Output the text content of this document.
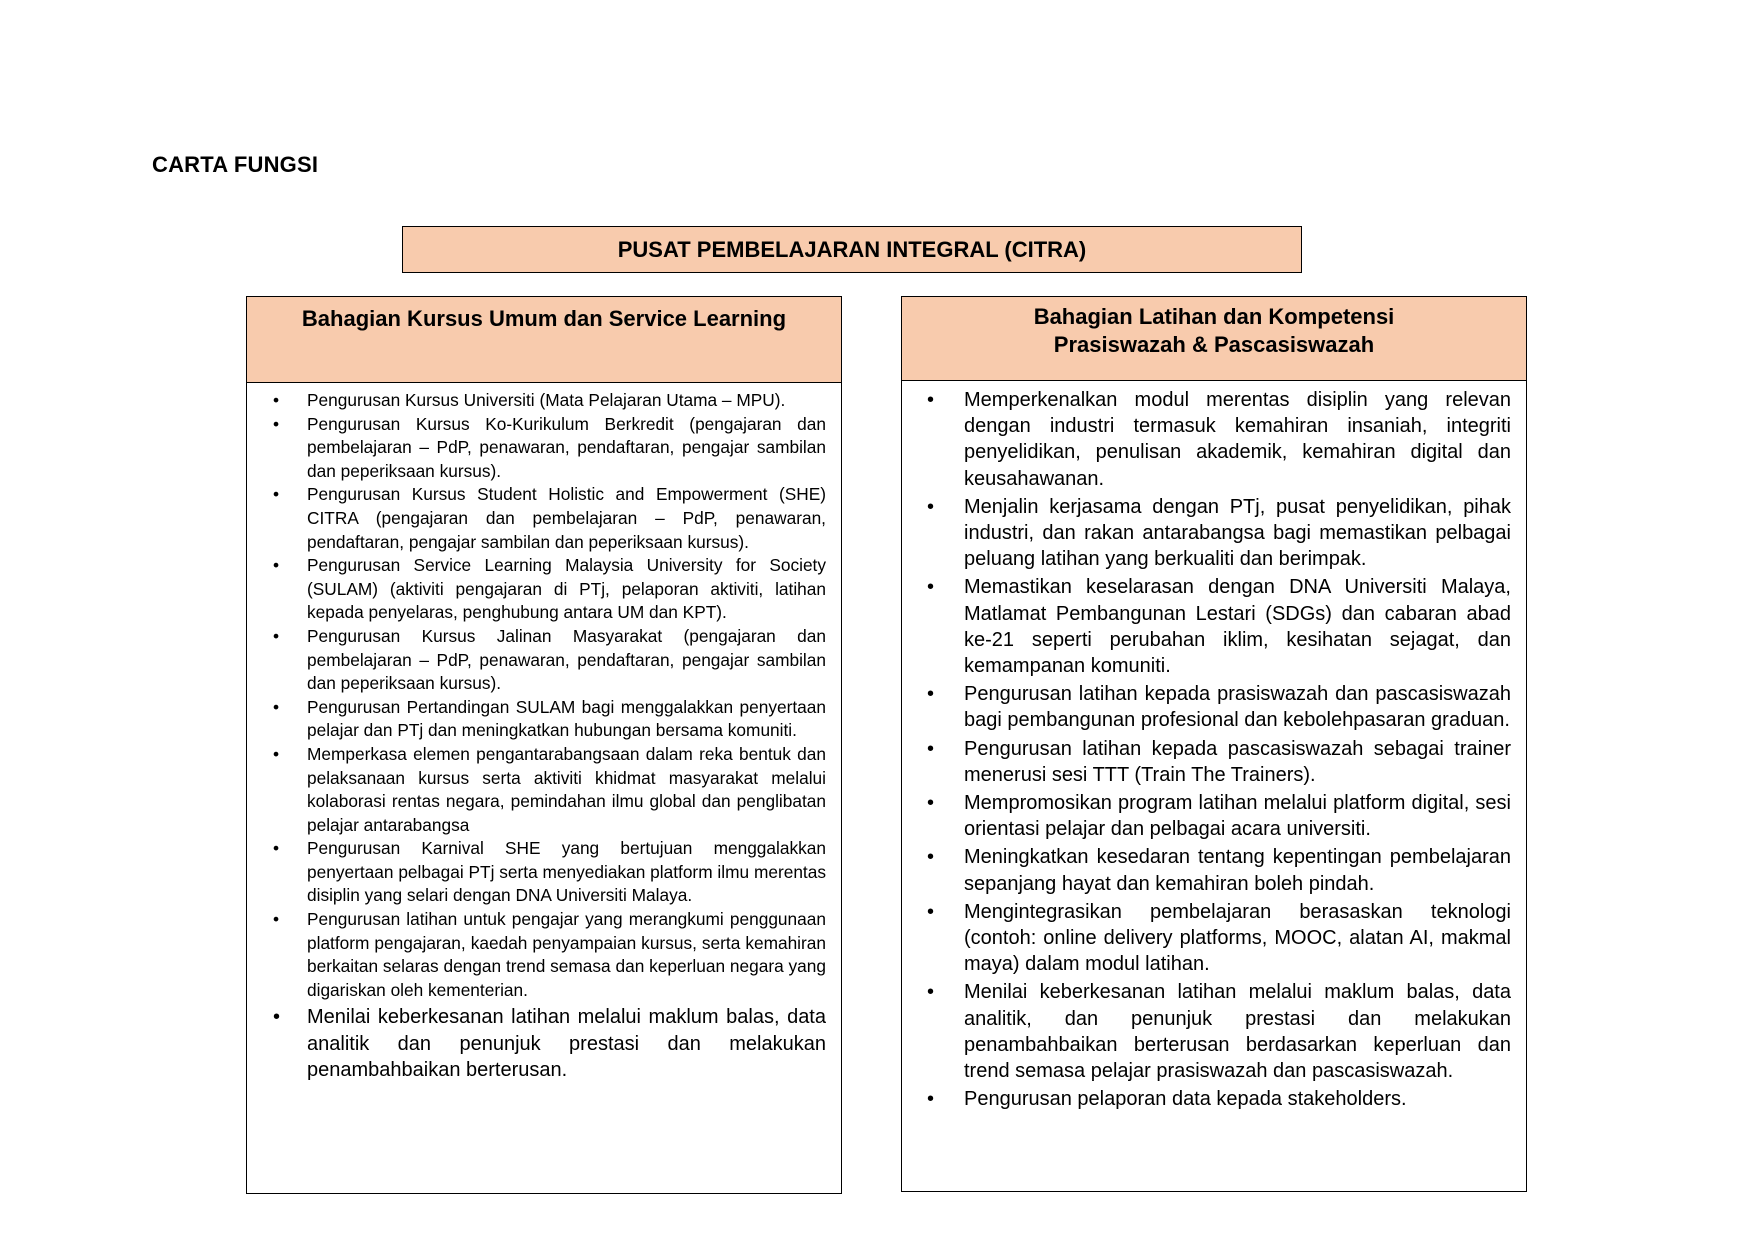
CARTA FUNGSI
PUSAT PEMBELAJARAN INTEGRAL (CITRA)
Bahagian Kursus Umum dan Service Learning
• Pengurusan Kursus Universiti (Mata Pelajaran Utama – MPU).
• Pengurusan Kursus Ko-Kurikulum Berkredit (pengajaran dan pembelajaran – PdP, penawaran, pendaftaran, pengajar sambilan dan peperiksaan kursus).
• Pengurusan Kursus Student Holistic and Empowerment (SHE) CITRA (pengajaran dan pembelajaran – PdP, penawaran, pendaftaran, pengajar sambilan dan peperiksaan kursus).
• Pengurusan Service Learning Malaysia University for Society (SULAM) (aktiviti pengajaran di PTj, pelaporan aktiviti, latihan kepada penyelaras, penghubung antara UM dan KPT).
• Pengurusan Kursus Jalinan Masyarakat (pengajaran dan pembelajaran – PdP, penawaran, pendaftaran, pengajar sambilan dan peperiksaan kursus).
• Pengurusan Pertandingan SULAM bagi menggalakkan penyertaan pelajar dan PTj dan meningkatkan hubungan bersama komuniti.
• Memperkasa elemen pengantarabangsaan dalam reka bentuk dan pelaksanaan kursus serta aktiviti khidmat masyarakat melalui kolaborasi rentas negara, pemindahan ilmu global dan penglibatan pelajar antarabangsa
• Pengurusan Karnival SHE yang bertujuan menggalakkan penyertaan pelbagai PTj serta menyediakan platform ilmu merentas disiplin yang selari dengan DNA Universiti Malaya.
• Pengurusan latihan untuk pengajar yang merangkumi penggunaan platform pengajaran, kaedah penyampaian kursus, serta kemahiran berkaitan selaras dengan trend semasa dan keperluan negara yang digariskan oleh kementerian.
• Menilai keberkesanan latihan melalui maklum balas, data analitik dan penunjuk prestasi dan melakukan penambahbaikan berterusan.
Bahagian Latihan dan Kompetensi
Prasiswazah & Pascasiswazah
• Memperkenalkan modul merentas disiplin yang relevan dengan industri termasuk kemahiran insaniah, integriti penyelidikan, penulisan akademik, kemahiran digital dan keusahawanan.
• Menjalin kerjasama dengan PTj, pusat penyelidikan, pihak industri, dan rakan antarabangsa bagi memastikan pelbagai peluang latihan yang berkualiti dan berimpak.
• Memastikan keselarasan dengan DNA Universiti Malaya, Matlamat Pembangunan Lestari (SDGs) dan cabaran abad ke-21 seperti perubahan iklim, kesihatan sejagat, dan kemampanan komuniti.
• Pengurusan latihan kepada prasiswazah dan pascasiswazah bagi pembangunan profesional dan kebolehpasaran graduan.
• Pengurusan latihan kepada pascasiswazah sebagai trainer menerusi sesi TTT (Train The Trainers).
• Mempromosikan program latihan melalui platform digital, sesi orientasi pelajar dan pelbagai acara universiti.
• Meningkatkan kesedaran tentang kepentingan pembelajaran sepanjang hayat dan kemahiran boleh pindah.
• Mengintegrasikan pembelajaran berasaskan teknologi (contoh: online delivery platforms, MOOC, alatan AI, makmal maya) dalam modul latihan.
• Menilai keberkesanan latihan melalui maklum balas, data analitik, dan penunjuk prestasi dan melakukan penambahbaikan berterusan berdasarkan keperluan dan trend semasa pelajar prasiswazah dan pascasiswazah.
• Pengurusan pelaporan data kepada stakeholders.
